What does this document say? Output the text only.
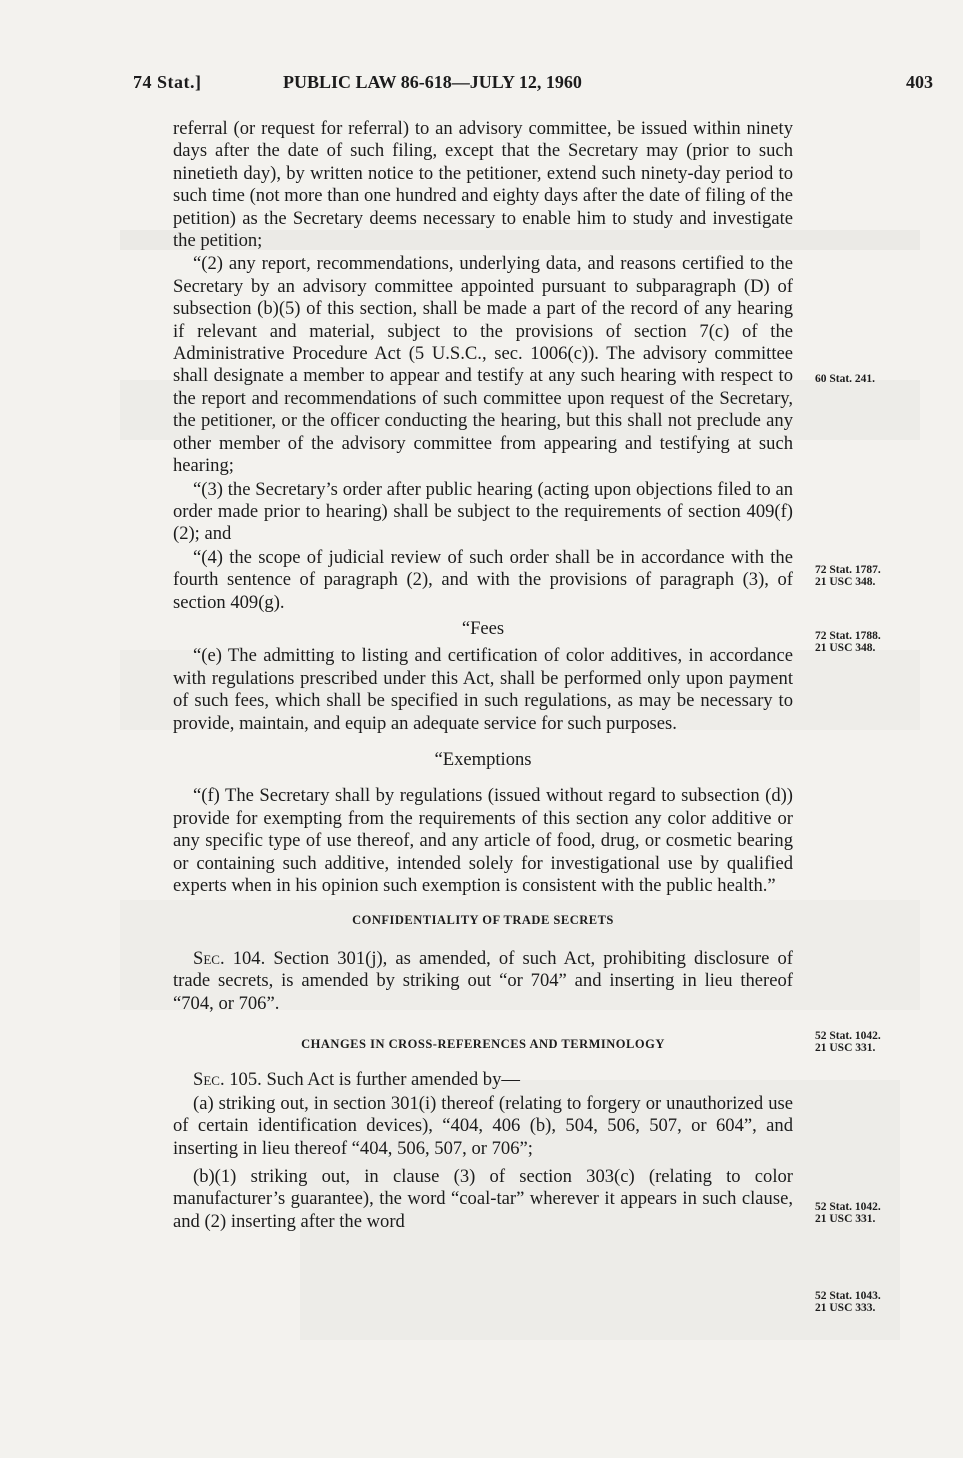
74 Stat.]	PUBLIC LAW 86-618—JULY 12, 1960	403

referral (or request for referral) to an advisory committee, be issued within ninety days after the date of such filing, except that the Secretary may (prior to such ninetieth day), by written notice to the petitioner, extend such ninety-day period to such time (not more than one hundred and eighty days after the date of filing of the petition) as the Secretary deems necessary to enable him to study and investigate the petition;

“(2) any report, recommendations, underlying data, and reasons certified to the Secretary by an advisory committee appointed pursuant to subparagraph (D) of subsection (b)(5) of this section, shall be made a part of the record of any hearing if relevant and material, subject to the provisions of section 7(c) of the Administrative Procedure Act (5 U.S.C., sec. 1006(c)). The advisory committee shall designate a member to appear and testify at any such hearing with respect to the report and recommendations of such committee upon request of the Secretary, the petitioner, or the officer conducting the hearing, but this shall not preclude any other member of the advisory committee from appearing and testifying at such hearing;

“(3) the Secretary’s order after public hearing (acting upon objections filed to an order made prior to hearing) shall be subject to the requirements of section 409(f)(2); and

“(4) the scope of judicial review of such order shall be in accordance with the fourth sentence of paragraph (2), and with the provisions of paragraph (3), of section 409(g).

“Fees

“(e) The admitting to listing and certification of color additives, in accordance with regulations prescribed under this Act, shall be performed only upon payment of such fees, which shall be specified in such regulations, as may be necessary to provide, maintain, and equip an adequate service for such purposes.

“Exemptions

“(f) The Secretary shall by regulations (issued without regard to subsection (d)) provide for exempting from the requirements of this section any color additive or any specific type of use thereof, and any article of food, drug, or cosmetic bearing or containing such additive, intended solely for investigational use by qualified experts when in his opinion such exemption is consistent with the public health.”

CONFIDENTIALITY OF TRADE SECRETS

Sec. 104. Section 301(j), as amended, of such Act, prohibiting disclosure of trade secrets, is amended by striking out “or 704” and inserting in lieu thereof “704, or 706”.

CHANGES IN CROSS-REFERENCES AND TERMINOLOGY

Sec. 105. Such Act is further amended by—

(a) striking out, in section 301(i) thereof (relating to forgery or unauthorized use of certain identification devices), “404, 406 (b), 504, 506, 507, or 604”, and inserting in lieu thereof “404, 506, 507, or 706”;

(b)(1) striking out, in clause (3) of section 303(c) (relating to color manufacturer’s guarantee), the word “coal-tar” wherever it appears in such clause, and (2) inserting after the word

60 Stat. 241.
72 Stat. 1787.
21 USC 348.
72 Stat. 1788.
21 USC 348.
52 Stat. 1042.
21 USC 331.
52 Stat. 1042.
21 USC 331.
52 Stat. 1043.
21 USC 333.
